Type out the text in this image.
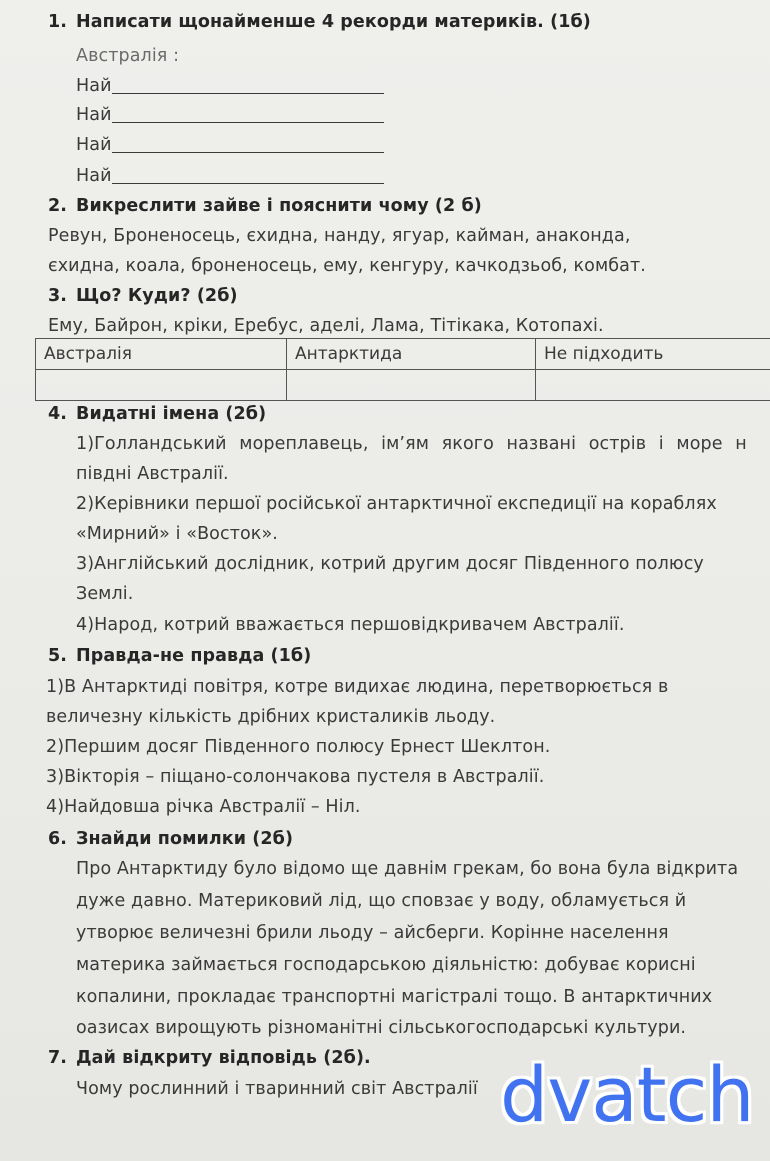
1. Написати щонайменше 4 рекорди материків. (1б)
Австралія :
Най
Най
Най
Най
2. Викреслити зайве і пояснити чому (2 б)
Ревун, Броненосець, єхидна, нанду, ягуар, кайман, анаконда,
єхидна, коала, броненосець, ему, кенгуру, качкодзьоб, комбат.
3. Що? Куди? (2б)
Ему, Байрон, кріки, Еребус, аделі, Лама, Тітікака, Котопахі.
Австралія	Антарктида	Не підходить

4. Видатні імена (2б)
1)Голландський мореплавець, ім’ям якого названі острів і море н
півдні Австралії.
2)Керівники першої російської антарктичної експедиції на кораблях
«Мирний» і «Восток».
3)Англійський дослідник, котрий другим досяг Південного полюсу
Землі.
4)Народ, котрий вважається першовідкривачем Австралії.
5. Правда-не правда (1б)
1)В Антарктиді повітря, котре видихає людина, перетворюється в
величезну кількість дрібних кристаликів льоду.
2)Першим досяг Південного полюсу Ернест Шеклтон.
3)Вікторія – піщано-солончакова пустеля в Австралії.
4)Найдовша річка Австралії – Ніл.
6. Знайди помилки (2б)
Про Антарктиду було відомо ще давнім грекам, бо вона була відкрита
дуже давно. Материковий лід, що сповзає у воду, обламується й
утворює величезні брили льоду – айсберги. Корінне населення
материка займається господарською діяльністю: добуває корисні
копалини, прокладає транспортні магістралі тощо. В антарктичних
оазисах вирощують різноманітні сільськогосподарські культури.
7. Дай відкриту відповідь (2б).
Чому рослинний і тваринний світ Австралії dvatch
